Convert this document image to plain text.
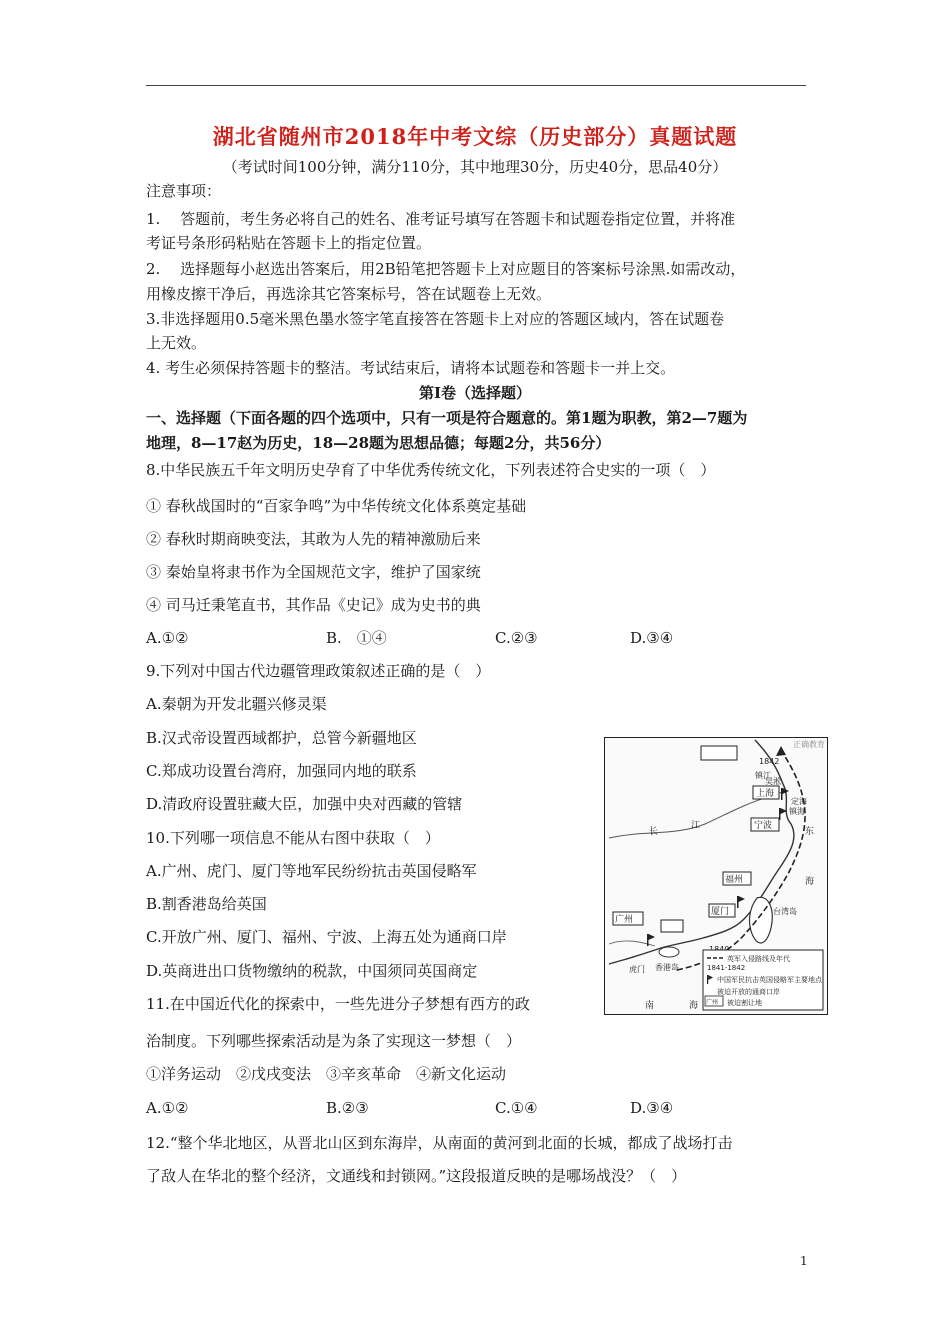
湖北省随州市2018年中考文综（历史部分）真题试题
（考试时间100分钟，满分110分，其中地理30分，历史40分，思品40分）
注意事项：
1.　 答题前，考生务必将自己的姓名、准考证号填写在答题卡和试题卷指定位置，并将准
考证号条形码粘贴在答题卡上的指定位置。
2.　 选择题每小赵选出答案后，用2B铅笔把答题卡上对应题目的答案标号涂黑.如需改动，
用橡皮擦干净后，再选涂其它答案标号，答在试题卷上无效。
3.非选择题用0.5毫米黑色墨水签字笔直接答在答题卡上对应的答题区域内，答在试题卷
上无效。
4. 考生必须保持答题卡的整洁。考试结束后，请将本试题卷和答题卡一并上交。
第Ⅰ卷（选择题）
一、选择题（下面各题的四个选项中，只有一项是符合题意的。第1题为职教，第2—7题为
地理，8—17赵为历史，18—28题为思想品德；每题2分，共56分）
8.中华民族五千年文明历史孕育了中华优秀传统文化，下列表述符合史实的一项（　）
① 春秋战国时的“百家争鸣”为中华传统文化体系奠定基础
② 春秋时期商映变法，其敢为人先的精神激励后来
③ 秦始皇将隶书作为全国规范文字，维护了国家统
④ 司马迁秉笔直书，其作品《史记》成为史书的典
A.①②	B.　①④	C.②③	D.③④
9.下列对中国古代边疆管理政策叙述正确的是（　）
A.秦朝为开发北疆兴修灵渠
B.汉式帝设置西域都护，总管今新疆地区
C.郑成功设置台湾府，加强同内地的联系
D.清政府设置驻藏大臣，加强中央对西藏的管辖
10.下列哪一项信息不能从右图中获取（　）
A.广州、虎门、厦门等地军民纷纷抗击英国侵略军
B.割香港岛给英国
C.开放广州、厦门、福州、宁波、上海五处为通商口岸
D.英商进出口货物缴纳的税款，中国须同英国商定
11.在中国近代化的探索中，一些先进分子梦想有西方的政
治制度。下列哪些探索活动是为条了实现这一梦想（　）
①洋务运动　②戊戌变法　③辛亥革命　④新文化运动
A.①②	B.②③	C.①④	D.③④
12.“整个华北地区，从晋北山区到东海岸，从南面的黄河到北面的长城，都成了战场打击
了敌人在华北的整个经济，文通线和封锁网。”这段报道反映的是哪场战没？（　）
正确教育
长
江
上海
1842
吴淞
镇江
镇海
宁波
福州
厦门
广州
香港岛
虎门
定海
东
海
台湾岛
南	海
英军入侵路线及年代
1841-1842
中国军民抗击英国侵略军主要地点
被迫开放的通商口岸
广州 被迫割让地
1
